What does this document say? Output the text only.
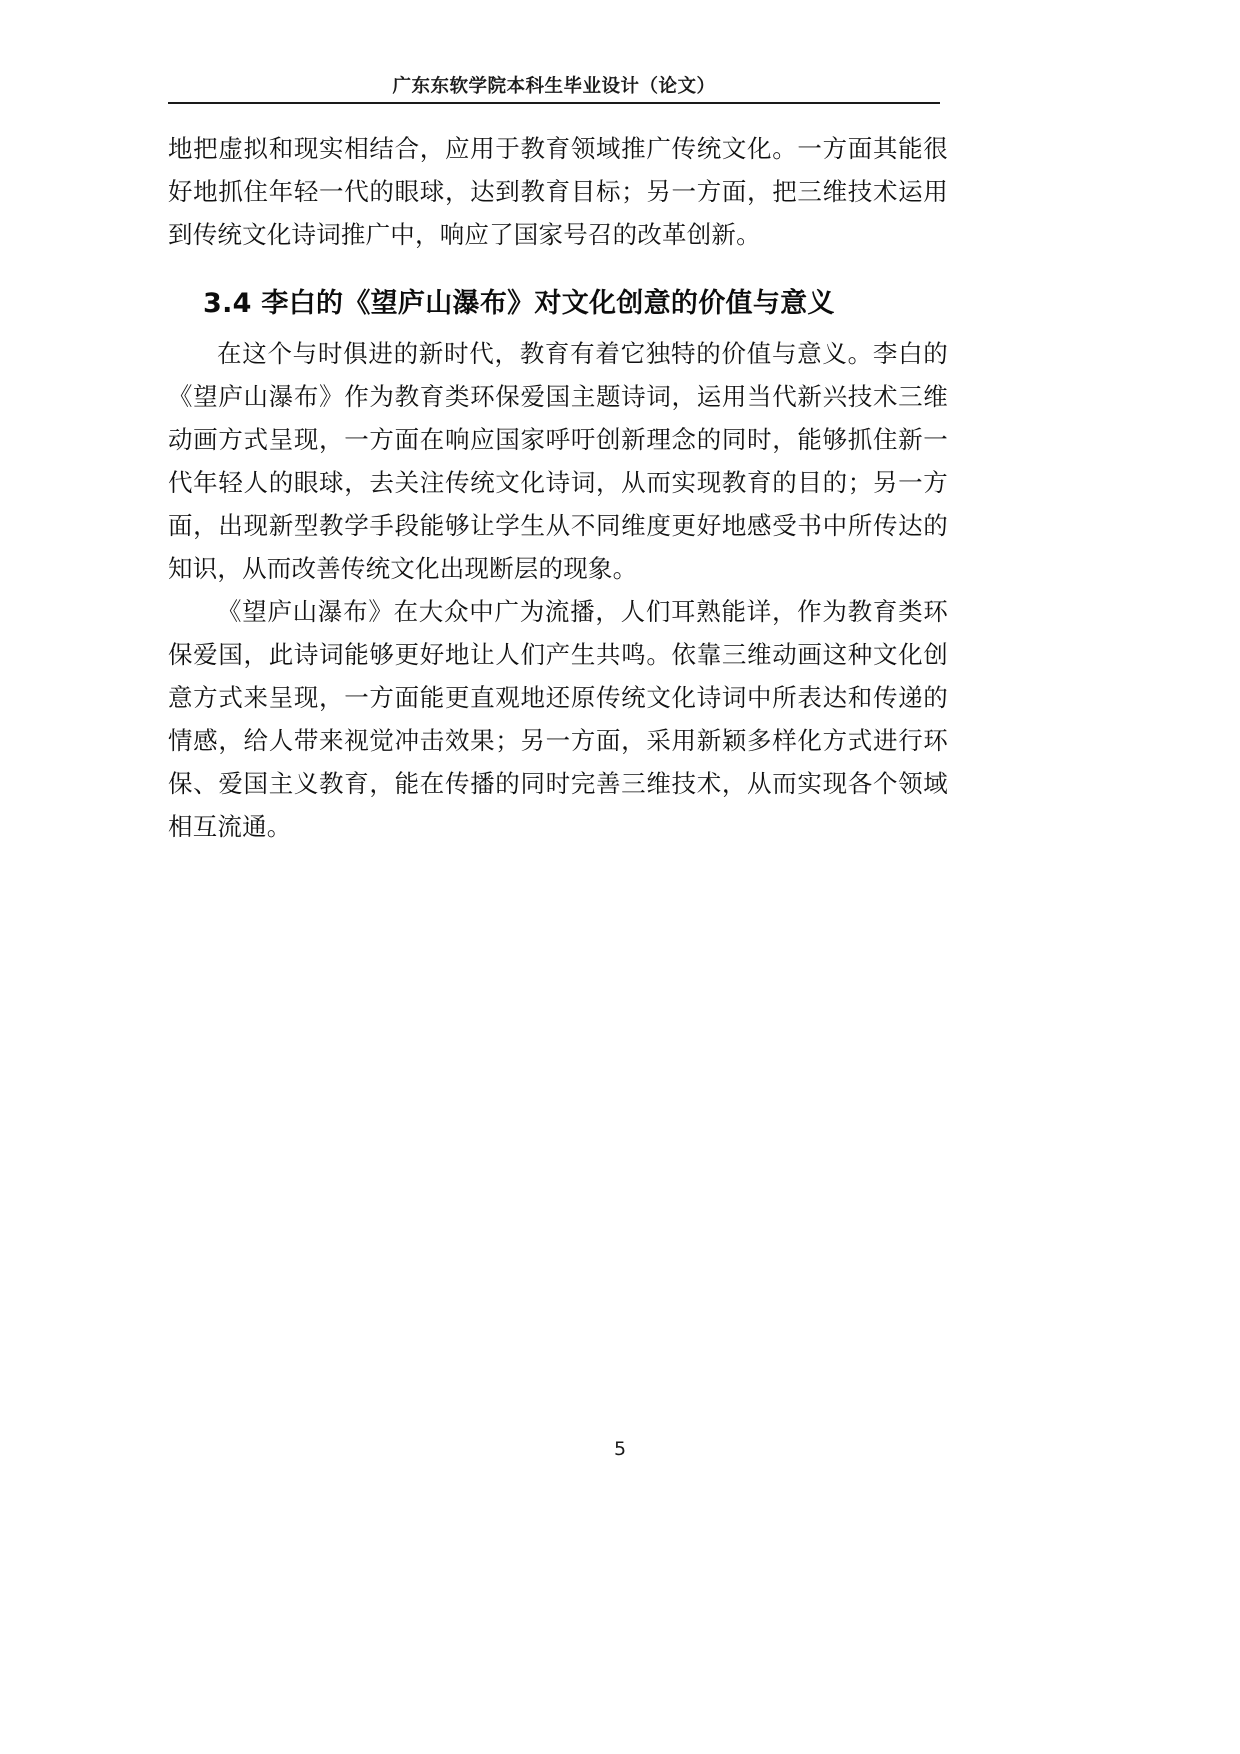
广东东软学院本科生毕业设计（论文）

地把虚拟和现实相结合，应用于教育领域推广传统文化。一方面其能很好地抓住年轻一代的眼球，达到教育目标；另一方面，把三维技术运用到传统文化诗词推广中，响应了国家号召的改革创新。

3.4 李白的《望庐山瀑布》对文化创意的价值与意义

在这个与时俱进的新时代，教育有着它独特的价值与意义。李白的《望庐山瀑布》作为教育类环保爱国主题诗词，运用当代新兴技术三维动画方式呈现，一方面在响应国家呼吁创新理念的同时，能够抓住新一代年轻人的眼球，去关注传统文化诗词，从而实现教育的目的；另一方面，出现新型教学手段能够让学生从不同维度更好地感受书中所传达的知识，从而改善传统文化出现断层的现象。

《望庐山瀑布》在大众中广为流播，人们耳熟能详，作为教育类环保爱国，此诗词能够更好地让人们产生共鸣。依靠三维动画这种文化创意方式来呈现，一方面能更直观地还原传统文化诗词中所表达和传递的情感，给人带来视觉冲击效果；另一方面，采用新颖多样化方式进行环保、爱国主义教育，能在传播的同时完善三维技术，从而实现各个领域相互流通。

5
